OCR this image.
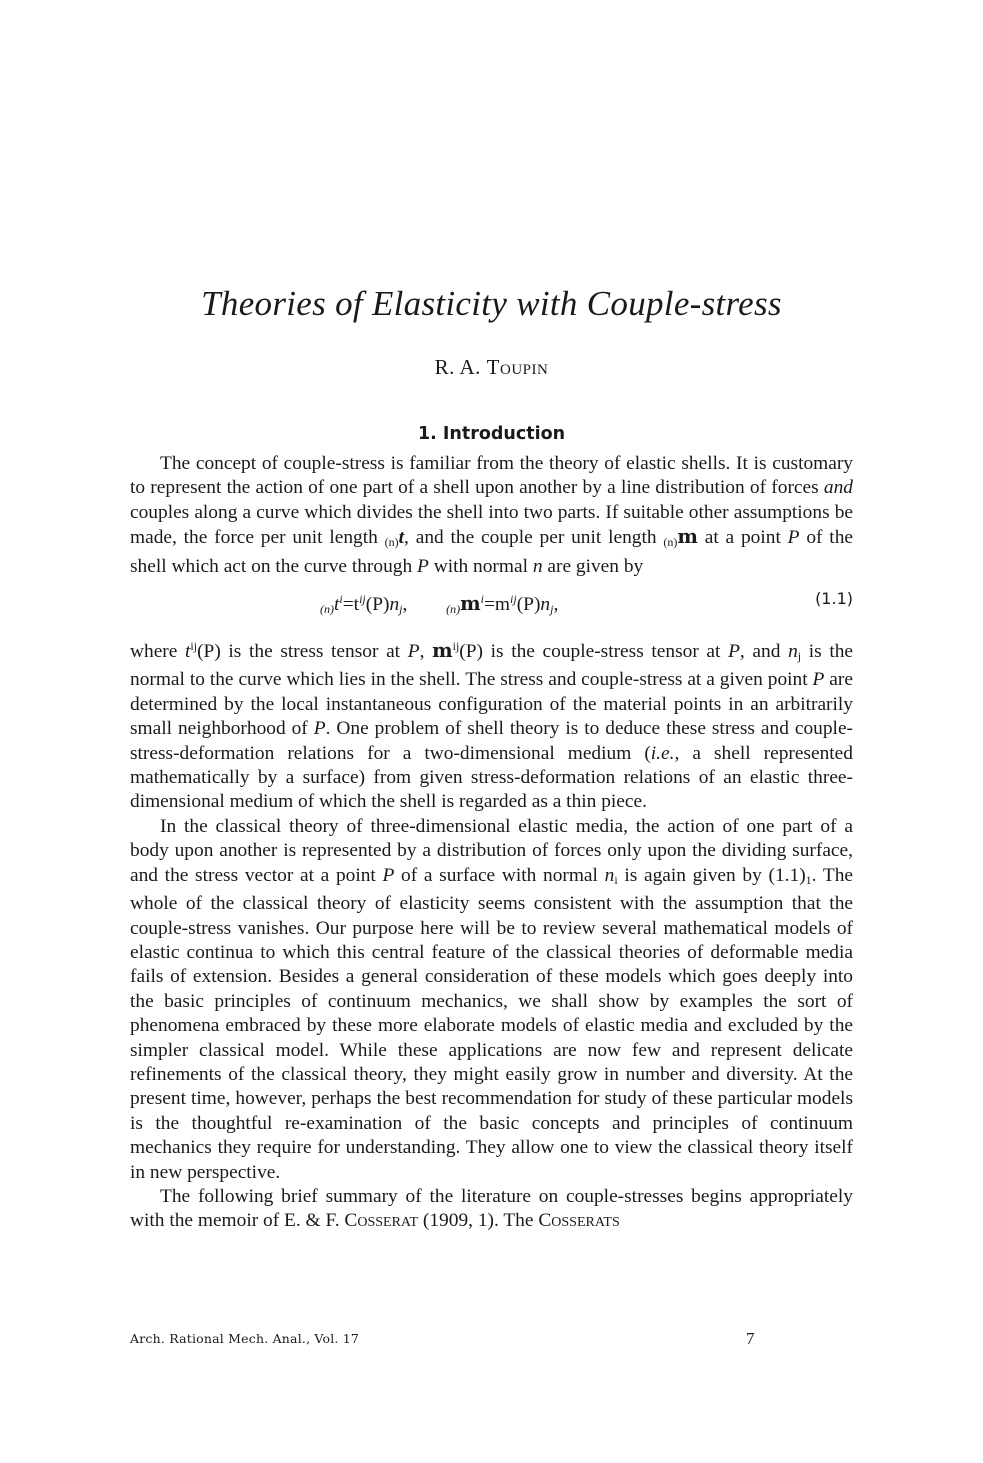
Theories of Elasticity with Couple-stress
R. A. Toupin
1. Introduction

The concept of couple-stress is familiar from the theory of elastic shells. It is customary to represent the action of one part of a shell upon another by a line distribution of forces and couples along a curve which divides the shell into two parts. If suitable other assumptions be made, the force per unit length $_{(n)}$t, and the couple per unit length $_{(n)}$m at a point P of the shell which act on the curve through P with normal n are given by

$_{(n)}t^i=t^{ij}(P)n_j$,  	$_{(n)}m^i=m^{ij}(P)n_j$,	(1.1)

where $t^{ij}(P)$ is the stress tensor at P, $m^{ij}(P)$ is the couple-stress tensor at P, and $n_j$ is the normal to the curve which lies in the shell. The stress and couple-stress at a given point P are determined by the local instantaneous configuration of the material points in an arbitrarily small neighborhood of P. One problem of shell theory is to deduce these stress and couple-stress-deformation relations for a two-dimensional medium (i.e., a shell represented mathematically by a surface) from given stress-deformation relations of an elastic three-dimensional medium of which the shell is regarded as a thin piece.

In the classical theory of three-dimensional elastic media, the action of one part of a body upon another is represented by a distribution of forces only upon the dividing surface, and the stress vector at a point P of a surface with normal $n_i$ is again given by $(1.1)_1$. The whole of the classical theory of elasticity seems consistent with the assumption that the couple-stress vanishes. Our purpose here will be to review several mathematical models of elastic continua to which this central feature of the classical theories of deformable media fails of extension. Besides a general consideration of these models which goes deeply into the basic principles of continuum mechanics, we shall show by examples the sort of phenomena embraced by these more elaborate models of elastic media and excluded by the simpler classical model. While these applications are now few and represent delicate refinements of the classical theory, they might easily grow in number and diversity. At the present time, however, perhaps the best recommendation for study of these particular models is the thoughtful re-examination of the basic concepts and principles of continuum mechanics they require for understanding. They allow one to view the classical theory itself in new perspective.

The following brief summary of the literature on couple-stresses begins appropriately with the memoir of E. & F. Cosserat (1909, 1). The Cosserats

Arch. Rational Mech. Anal., Vol. 17	7
